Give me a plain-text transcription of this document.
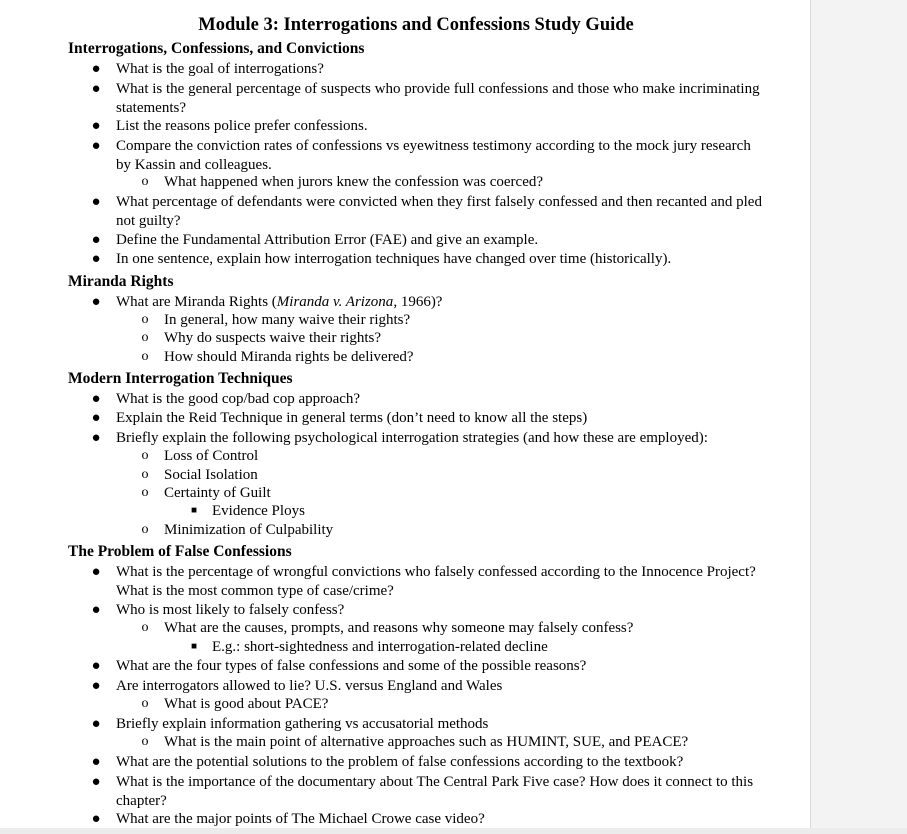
Module 3: Interrogations and Confessions Study Guide
Interrogations, Confessions, and Convictions
● What is the goal of interrogations?
● What is the general percentage of suspects who provide full confessions and those who make incriminating statements?
● List the reasons police prefer confessions.
● Compare the conviction rates of confessions vs eyewitness testimony according to the mock jury research by Kassin and colleagues.
o	What happened when jurors knew the confession was coerced?
● What percentage of defendants were convicted when they first falsely confessed and then recanted and pled not guilty?
● Define the Fundamental Attribution Error (FAE) and give an example.
● In one sentence, explain how interrogation techniques have changed over time (historically).
Miranda Rights
● What are Miranda Rights (Miranda v. Arizona, 1966)?
o	In general, how many waive their rights?
o	Why do suspects waive their rights?
o	How should Miranda rights be delivered?
Modern Interrogation Techniques
● What is the good cop/bad cop approach?
● Explain the Reid Technique in general terms (don’t need to know all the steps)
● Briefly explain the following psychological interrogation strategies (and how these are employed):
o	Loss of Control
o	Social Isolation
o	Certainty of Guilt
■ Evidence Ploys
o	Minimization of Culpability
The Problem of False Confessions
● What is the percentage of wrongful convictions who falsely confessed according to the Innocence Project? What is the most common type of case/crime?
● Who is most likely to falsely confess?
o	What are the causes, prompts, and reasons why someone may falsely confess?
■ E.g.: short-sightedness and interrogation-related decline
● What are the four types of false confessions and some of the possible reasons?
● Are interrogators allowed to lie? U.S. versus England and Wales
o	What is good about PACE?
● Briefly explain information gathering vs accusatorial methods
o	What is the main point of alternative approaches such as HUMINT, SUE, and PEACE?
● What are the potential solutions to the problem of false confessions according to the textbook?
● What is the importance of the documentary about The Central Park Five case? How does it connect to this chapter?
● What are the major points of The Michael Crowe case video?
